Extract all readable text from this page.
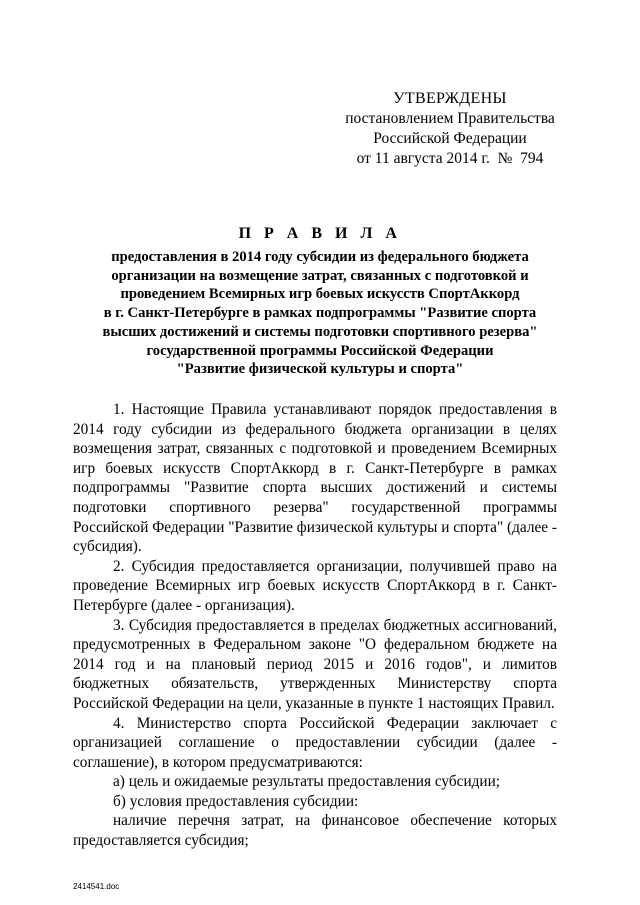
УТВЕРЖДЕНЫ
постановлением Правительства
Российской Федерации
от 11 августа 2014 г.  №  794
П Р А В И Л А
предоставления в 2014 году субсидии из федерального бюджета
организации на возмещение затрат, связанных с подготовкой и
проведением Всемирных игр боевых искусств СпортАккорд
в г. Санкт-Петербурге в рамках подпрограммы "Развитие спорта
высших достижений и системы подготовки спортивного резерва"
государственной программы Российской Федерации
"Развитие физической культуры и спорта"

1. Настоящие Правила устанавливают порядок предоставления в 2014 году субсидии из федерального бюджета организации в целях возмещения затрат, связанных с подготовкой и проведением Всемирных игр боевых искусств СпортАккорд в г. Санкт-Петербурге в рамках подпрограммы "Развитие спорта высших достижений и системы подготовки спортивного резерва" государственной программы Российской Федерации "Развитие физической культуры и спорта" (далее - субсидия).

2. Субсидия предоставляется организации, получившей право на проведение Всемирных игр боевых искусств СпортАккорд в г. Санкт-Петербурге (далее - организация).

3. Субсидия предоставляется в пределах бюджетных ассигнований, предусмотренных в Федеральном законе "О федеральном бюджете на 2014 год и на плановый период 2015 и 2016 годов", и лимитов бюджетных обязательств, утвержденных Министерству спорта Российской Федерации на цели, указанные в пункте 1 настоящих Правил.

4. Министерство спорта Российской Федерации заключает с организацией соглашение о предоставлении субсидии (далее - соглашение), в котором предусматриваются:

а) цель и ожидаемые результаты предоставления субсидии;

б) условия предоставления субсидии:

наличие перечня затрат, на финансовое обеспечение которых предоставляется субсидия;

2414541.doc
